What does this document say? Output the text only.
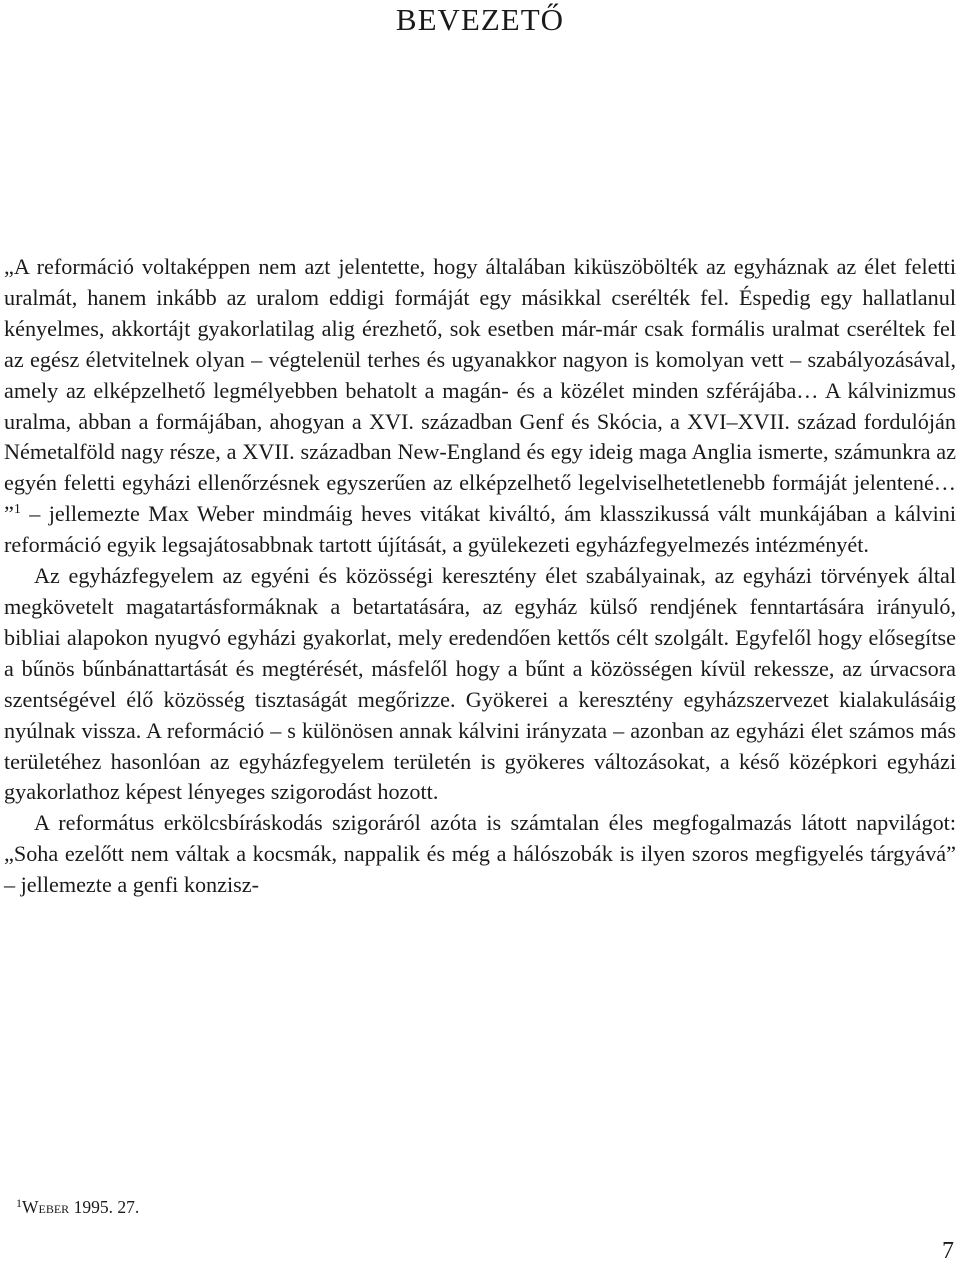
BEVEZETŐ

„A reformáció voltaképpen nem azt jelentette, hogy általában kiküszöbölték az egyháznak az élet feletti uralmát, hanem inkább az uralom eddigi formáját egy másikkal cserélték fel. Éspedig egy hallatlanul kényelmes, akkortájt gyakorlatilag alig érezhető, sok esetben már-már csak formális uralmat cseréltek fel az egész életvitelnek olyan – végtelenül terhes és ugyanakkor nagyon is komolyan vett – szabályozásával, amely az elképzelhető legmélyebben behatolt a magán- és a közélet minden szférájába… A kálvinizmus uralma, abban a formájában, ahogyan a XVI. században Genf és Skócia, a XVI–XVII. század fordulóján Németalföld nagy része, a XVII. században New-England és egy ideig maga Anglia ismerte, számunkra az egyén feletti egyházi ellenőrzésnek egyszerűen az elképzelhető legelviselhetetlenebb formáját jelentené… ”$^1$ – jellemezte Max Weber mindmáig heves vitákat kiváltó, ám klasszikussá vált munkájában a kálvini reformáció egyik legsajátosabbnak tartott újítását, a gyülekezeti egyházfegyelmezés intézményét.

Az egyházfegyelem az egyéni és közösségi keresztény élet szabályainak, az egyházi törvények által megkövetelt magatartásformáknak a betartatására, az egyház külső rendjének fenntartására irányuló, bibliai alapokon nyugvó egyházi gyakorlat, mely eredendően kettős célt szolgált. Egyfelől hogy elősegítse a bűnös bűnbánattartását és megtérését, másfelől hogy a bűnt a közösségen kívül rekessze, az úrvacsora szentségével élő közösség tisztaságát megőrizze. Gyökerei a keresztény egyházszervezet kialakulásáig nyúlnak vissza. A reformáció – s különösen annak kálvini irányzata – azonban az egyházi élet számos más területéhez hasonlóan az egyházfegyelem területén is gyökeres változásokat, a késő középkori egyházi gyakorlathoz képest lényeges szigorodást hozott.

A református erkölcsbíráskodás szigoráról azóta is számtalan éles megfogalmazás látott napvilágot: „Soha ezelőtt nem váltak a kocsmák, nappalik és még a hálószobák is ilyen szoros megfigyelés tárgyává” – jellemezte a genfi konzisz-

$^1$Weber 1995. 27.
7
